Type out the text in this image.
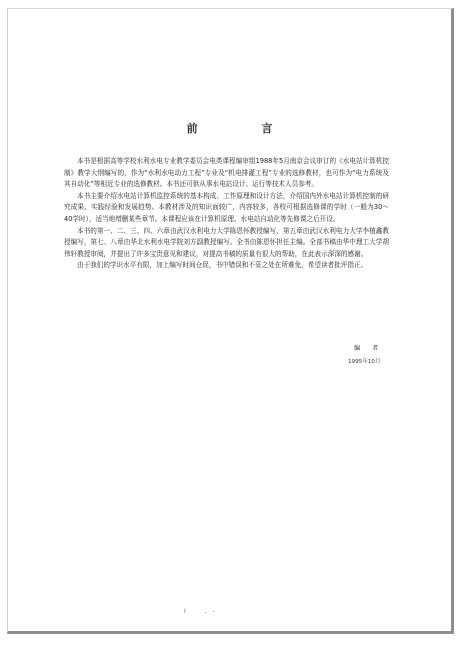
前 言

本书是根据高等学校水利水电专业教学委员会电类课程编审组1988年5月南京会议审订的《水电站计算机控制》教学大纲编写的，作为“水利水电动力工程”专业及“机电排灌工程”专业的选修教材，也可作为“电力系统及其自动化”等相近专业的选修教材。本书还可供从事水电站设计、运行等技术人员参考。

本书主要介绍水电站计算机监控系统的基本构成、工作原理和设计方法，介绍国内外水电站计算机控制的研究成果、实践经验和发展趋势。本教材涉及的知识面较广，内容较多，各校可根据选修课的学时（一般为30～40学时），适当地增删某些章节。本课程应该在计算机原理、水电站自动化等先修课之后开设。

本书的第一、二、三、四、六章由武汉水利电力大学陈恩怀教授编写，第五章由武汉水利电力大学李植鑫教授编写，第七、八章由华北水利水电学院刘方副教授编写。全书由陈恩怀担任主编。全部书稿由华中理工大学胡伟轩教授审阅，并提出了许多宝贵意见和建议，对提高书稿的质量有很大的帮助，在此表示深深的感谢。

由于我们的学识水平有限，加上编写时间仓促，书中错误和不妥之处在所难免，希望读者批评指正。

编 者
1995年10月
I
